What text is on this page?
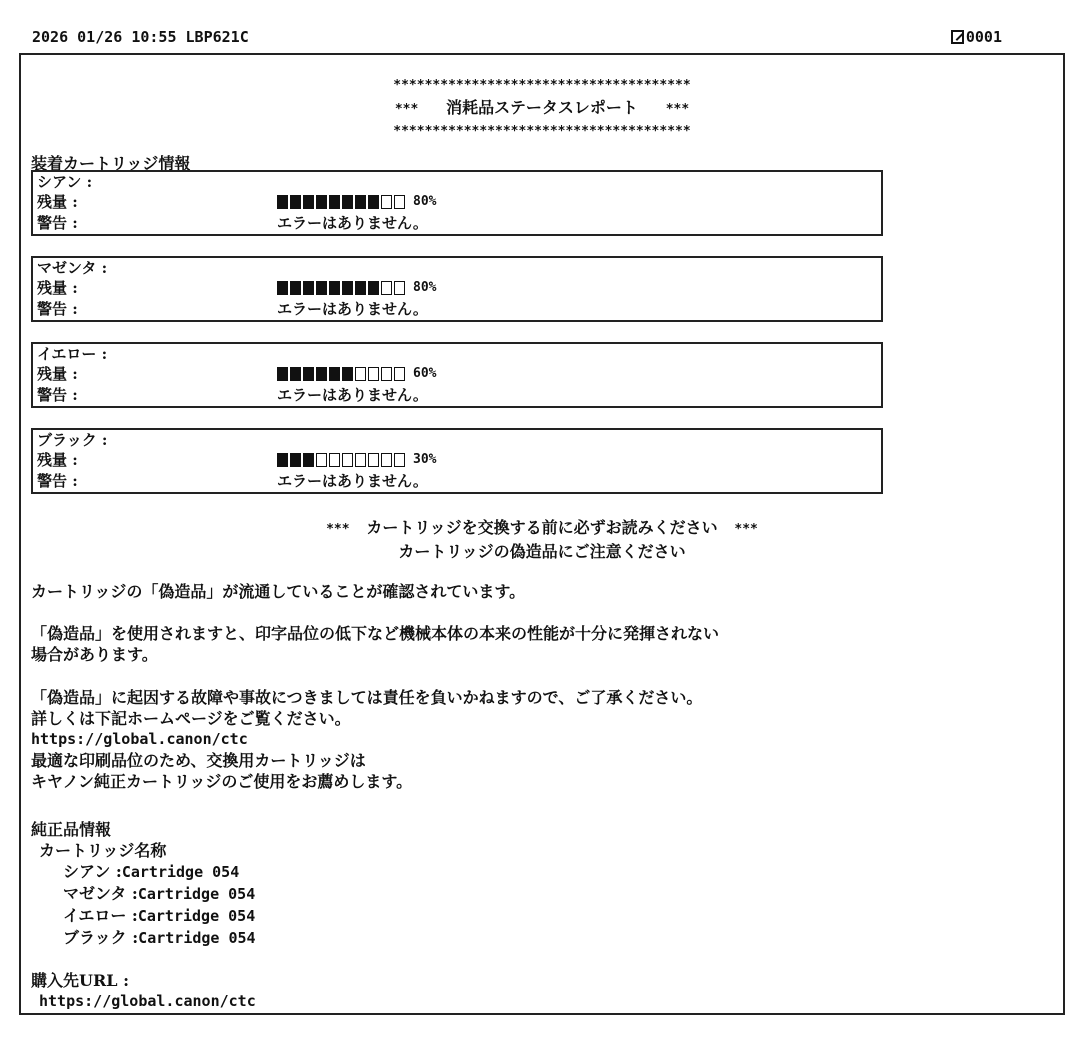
2026 01/26 10:55 LBP621C	0001
**************************************
*** 消耗品ステータスレポート ***
**************************************
装着カートリッジ情報
シアン :
残量 :
警告 :
80%
エラーはありません。
マゼンタ :
残量 :
警告 :
80%
エラーはありません。
イエロー :
残量 :
警告 :
60%
エラーはありません。
ブラック :
残量 :
警告 :
30%
エラーはありません。
*** カートリッジを交換する前に必ずお読みください ***
カートリッジの偽造品にご注意ください
カートリッジの「偽造品」が流通していることが確認されています。
「偽造品」を使用されますと、印字品位の低下など機械本体の本来の性能が十分に発揮されない
場合があります。
「偽造品」に起因する故障や事故につきましては責任を負いかねますので、ご了承ください。
詳しくは下記ホームページをご覧ください。
https://global.canon/ctc
最適な印刷品位のため、交換用カートリッジは
キヤノン純正カートリッジのご使用をお薦めします。
純正品情報
カートリッジ名称
シアン :Cartridge 054
マゼンタ :Cartridge 054
イエロー :Cartridge 054
ブラック :Cartridge 054
購入先URL :
https://global.canon/ctc
